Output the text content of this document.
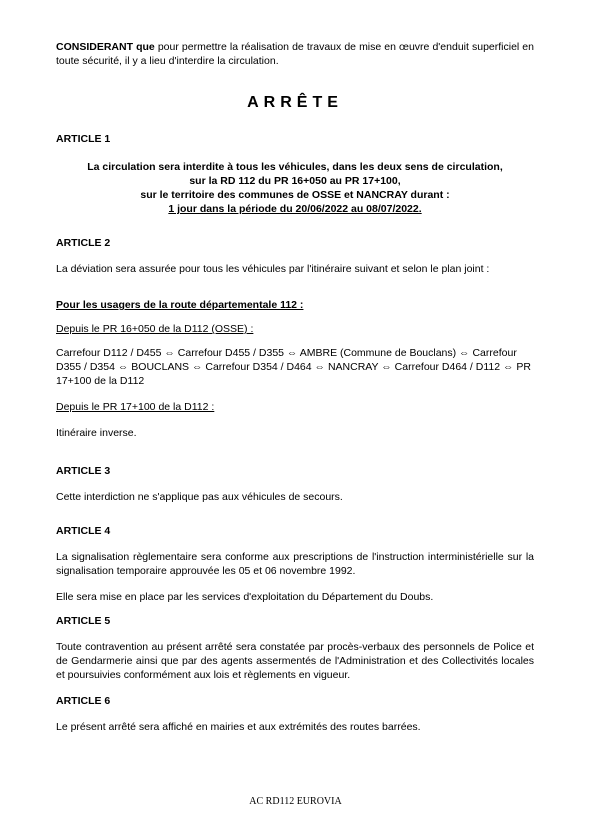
CONSIDERANT que pour permettre la réalisation de travaux de mise en œuvre d'enduit superficiel en toute sécurité, il y a lieu d'interdire la circulation.

ARRÊTE

ARTICLE 1

La circulation sera interdite à tous les véhicules, dans les deux sens de circulation,

sur la RD 112 du PR 16+050 au PR 17+100,

sur le territoire des communes de OSSE et NANCRAY durant :

1 jour dans la période du 20/06/2022 au 08/07/2022.

ARTICLE 2

La déviation sera assurée pour tous les véhicules par l'itinéraire suivant et selon le plan joint :

Pour les usagers de la route départementale 112 :

Depuis le PR 16+050 de la D112 (OSSE) :

Carrefour D112 / D455 ⇔ Carrefour D455 / D355 ⇔ AMBRE (Commune de Bouclans) ⇔ Carrefour D355 / D354 ⇔ BOUCLANS ⇔ Carrefour D354 / D464 ⇔ NANCRAY ⇔ Carrefour D464 / D112 ⇔ PR 17+100 de la D112

Depuis le PR 17+100 de la D112 :

Itinéraire inverse.

ARTICLE 3

Cette interdiction ne s'applique pas aux véhicules de secours.

ARTICLE 4

La signalisation règlementaire sera conforme aux prescriptions de l'instruction interministérielle sur la signalisation temporaire approuvée les 05 et 06 novembre 1992.

Elle sera mise en place par les services d'exploitation du Département du Doubs.

ARTICLE 5

Toute contravention au présent arrêté sera constatée par procès-verbaux des personnels de Police et de Gendarmerie ainsi que par des agents assermentés de l'Administration et des Collectivités locales et poursuivies conformément aux lois et règlements en vigueur.

ARTICLE 6

Le présent arrêté sera affiché en mairies et aux extrémités des routes barrées.

AC RD112 EUROVIA
